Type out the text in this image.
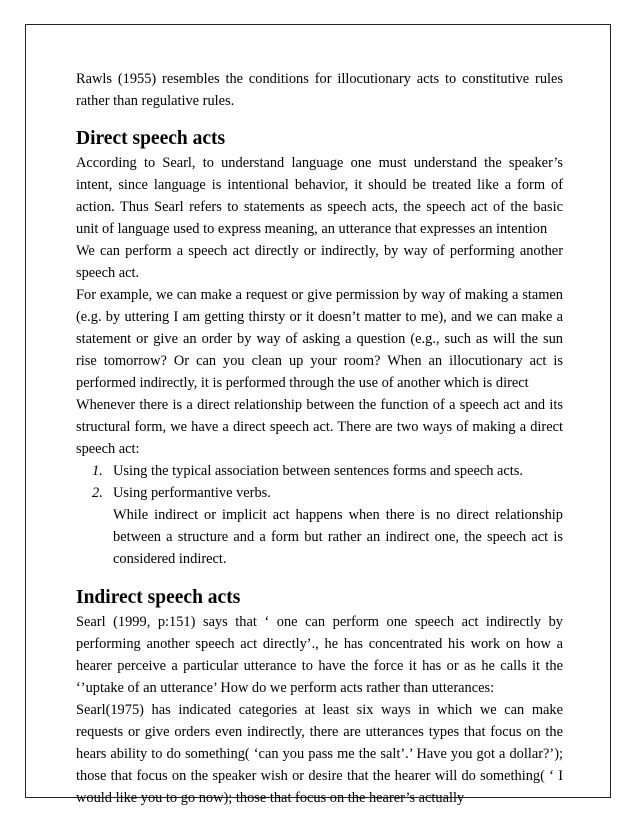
Rawls (1955) resembles the conditions for illocutionary acts to constitutive rules rather than regulative rules.

Direct speech acts

According to Searl, to understand language one must understand the speaker’s intent, since language is intentional behavior, it should be treated like a form of action. Thus Searl refers to statements as speech acts, the speech act of the basic unit of language used to express meaning, an utterance that expresses an intention

We can perform a speech act directly or indirectly, by way of performing another speech act.

For example, we can make a request or give permission by way of making a stamen (e.g. by uttering I am getting thirsty or it doesn’t matter to me), and we can make a statement or give an order by way of asking a question (e.g., such as will the sun rise tomorrow? Or can you clean up your room? When an illocutionary act is performed indirectly, it is performed through the use of another which is direct

Whenever there is a direct relationship between the function of a speech act and its structural form, we have a direct speech act. There are two ways of making a direct speech act:

1. Using the typical association between sentences forms and speech acts.
2. Using performantive verbs.

While indirect or implicit act happens when there is no direct relationship between a structure and a form but rather an indirect one, the speech act is considered indirect.

Indirect speech acts

Searl (1999, p:151) says that ‘ one can perform one speech act indirectly by performing another speech act directly’., he has concentrated his work on how a hearer perceive a particular utterance to have the force it has or as he calls it the ‘’uptake of an utterance’ How do we perform acts rather than utterances:

Searl(1975) has indicated categories at least six ways in which we can make requests or give orders even indirectly, there are utterances types that focus on the hears ability to do something( ‘can you pass me the salt’.’ Have you got a dollar?’); those that focus on the speaker wish or desire that the hearer will do something( ‘ I would like you to go now); those that focus on the hearer’s actually
